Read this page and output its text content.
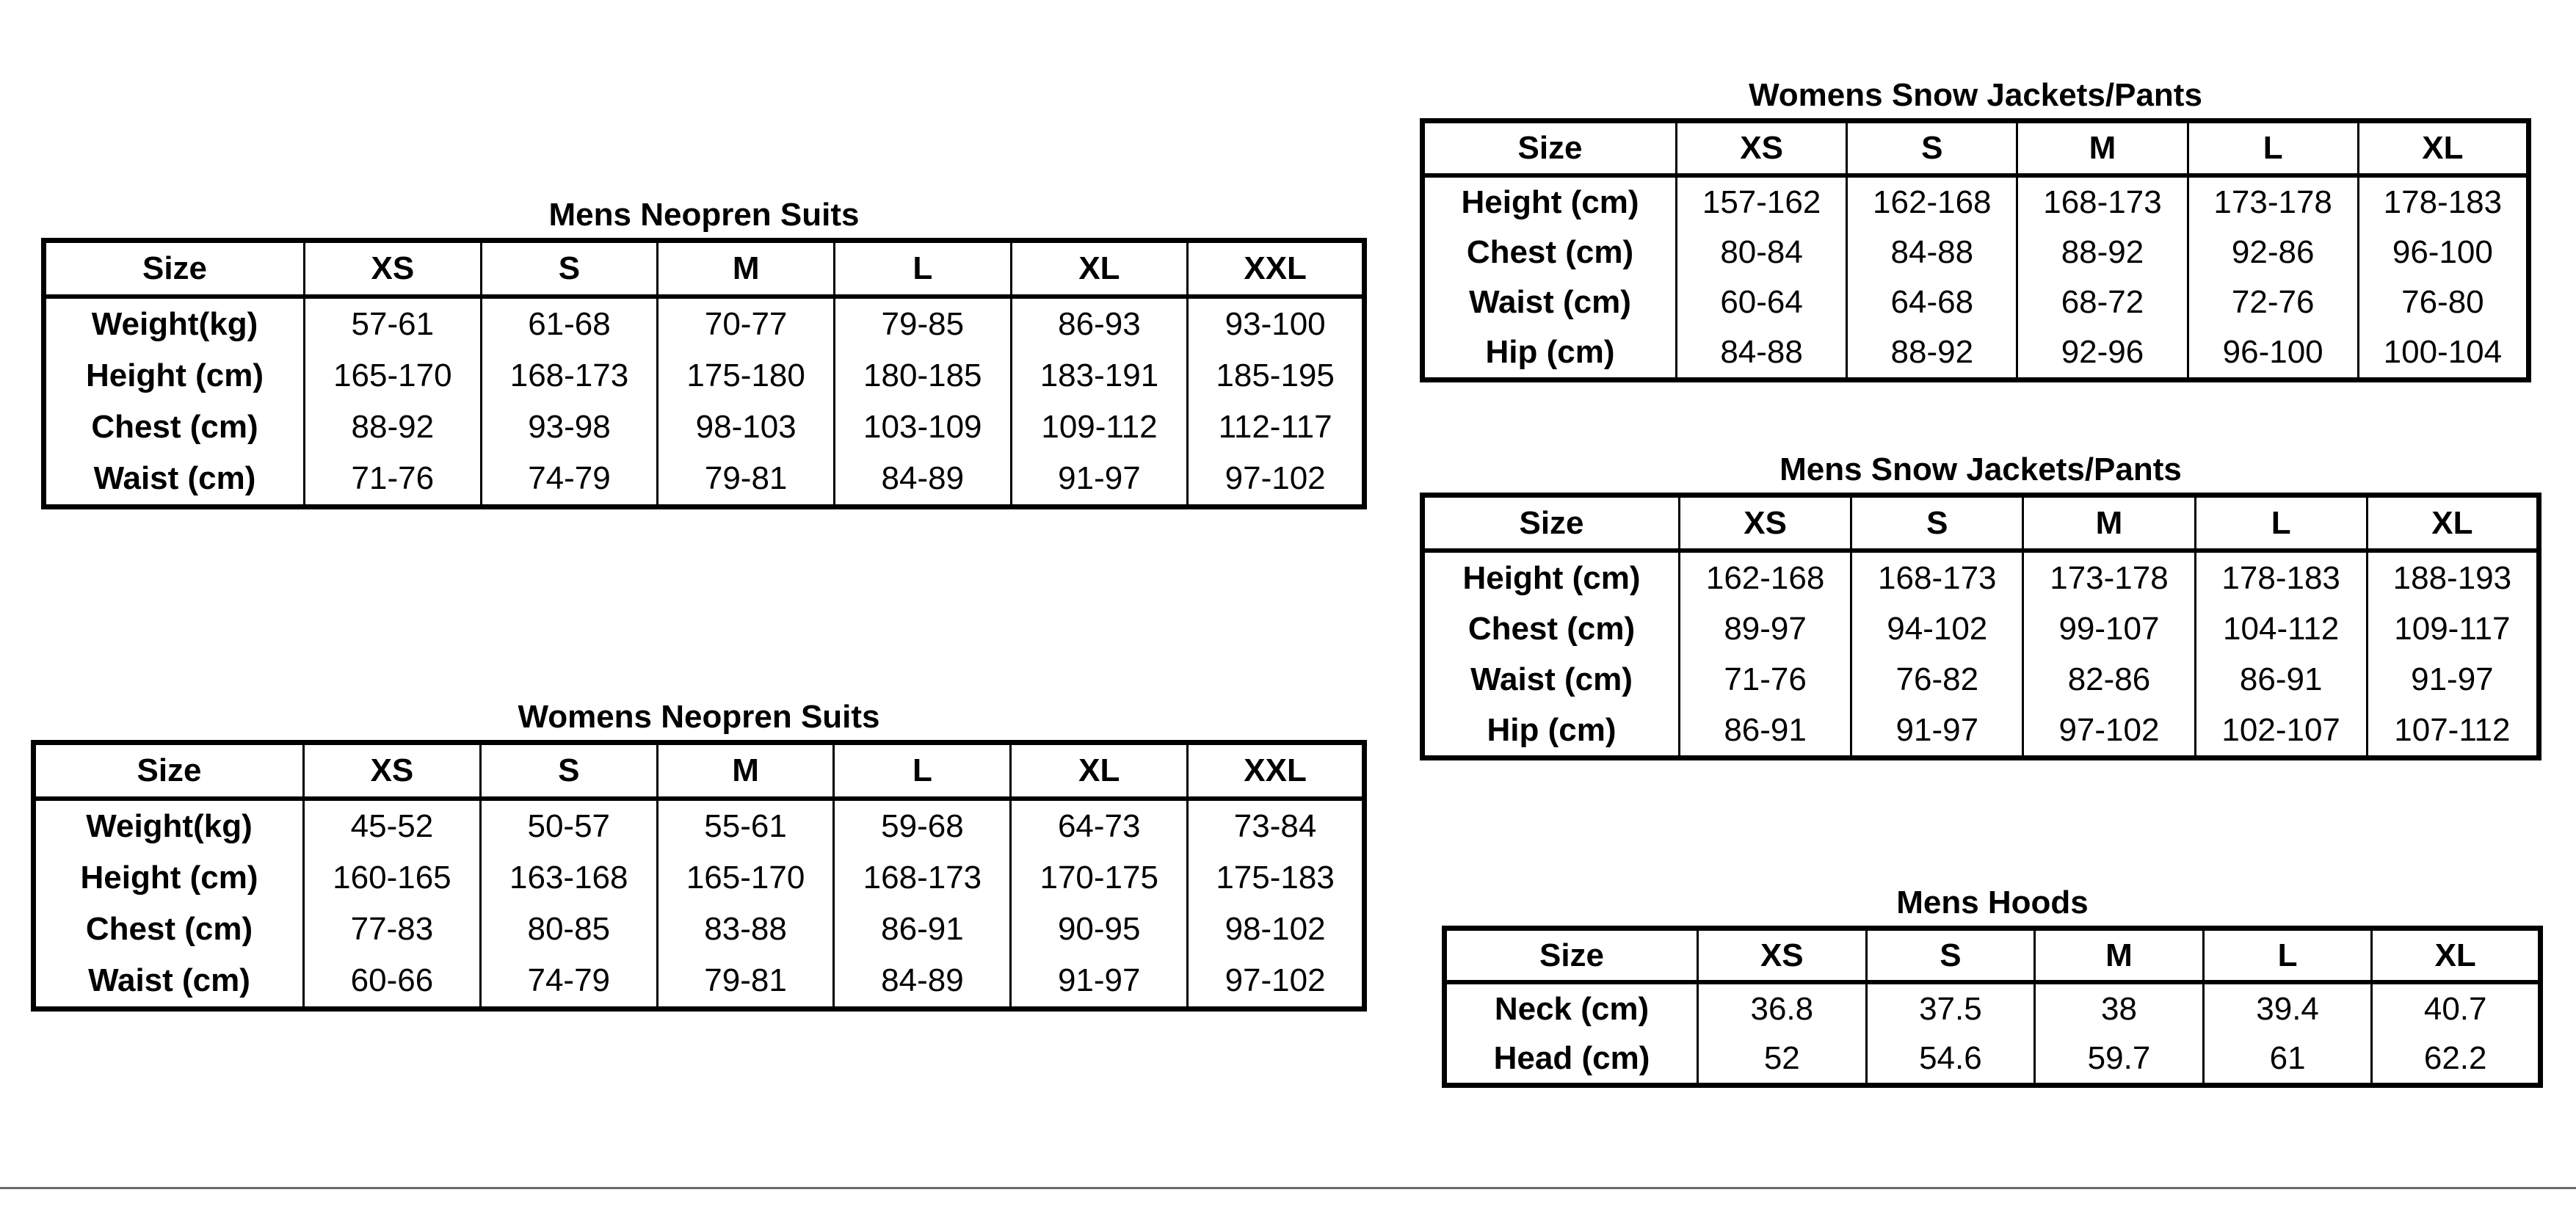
Mens Neopren Suits
Size	XS	S	M	L	XL	XXL
Weight(kg)	57-61	61-68	70-77	79-85	86-93	93-100
Height (cm)	165-170	168-173	175-180	180-185	183-191	185-195
Chest (cm)	88-92	93-98	98-103	103-109	109-112	112-117
Waist (cm)	71-76	74-79	79-81	84-89	91-97	97-102
Womens Neopren Suits
Size	XS	S	M	L	XL	XXL
Weight(kg)	45-52	50-57	55-61	59-68	64-73	73-84
Height (cm)	160-165	163-168	165-170	168-173	170-175	175-183
Chest (cm)	77-83	80-85	83-88	86-91	90-95	98-102
Waist (cm)	60-66	74-79	79-81	84-89	91-97	97-102
Womens Snow Jackets/Pants
Size	XS	S	M	L	XL
Height (cm)	157-162	162-168	168-173	173-178	178-183
Chest (cm)	80-84	84-88	88-92	92-86	96-100
Waist (cm)	60-64	64-68	68-72	72-76	76-80
Hip (cm)	84-88	88-92	92-96	96-100	100-104
Mens Snow Jackets/Pants
Size	XS	S	M	L	XL
Height (cm)	162-168	168-173	173-178	178-183	188-193
Chest (cm)	89-97	94-102	99-107	104-112	109-117
Waist (cm)	71-76	76-82	82-86	86-91	91-97
Hip (cm)	86-91	91-97	97-102	102-107	107-112
Mens Hoods
Size	XS	S	M	L	XL
Neck (cm)	36.8	37.5	38	39.4	40.7
Head (cm)	52	54.6	59.7	61	62.2
